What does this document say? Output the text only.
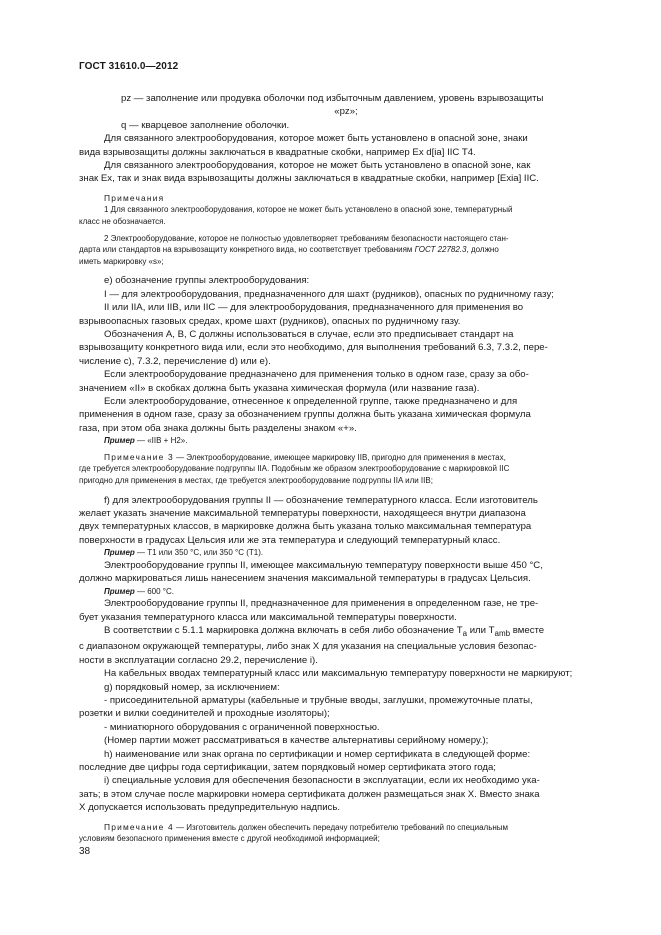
ГОСТ 31610.0—2012

pz — заполнение или продувка оболочки под избыточным давлением, уровень взрывозащиты

«pz»;

q — кварцевое заполнение оболочки.

Для связанного электрооборудования, которое может быть установлено в опасной зоне, знаки

вида взрывозащиты должны заключаться в квадратные скобки, например Ex d[ia] IIC T4.

Для связанного электрооборудования, которое не может быть установлено в опасной зоне, как

знак Ex, так и знак вида взрывозащиты должны заключаться в квадратные скобки, например [Exia] IIC.

Примечания

1 Для связанного электрооборудования, которое не может быть установлено в опасной зоне, температурный

класс не обозначается.

2 Электрооборудование, которое не полностью удовлетворяет требованиям безопасности настоящего стан-

дарта или стандартов на взрывозащиту конкретного вида, но соответствует требованиям ГОСТ 22782.3, должно

иметь маркировку «s»;

е) обозначение группы электрооборудования:

I — для электрооборудования, предназначенного для шахт (рудников), опасных по рудничному газу;

II или IIA, или IIB, или IIC — для электрооборудования, предназначенного для применения во

взрывоопасных газовых средах, кроме шахт (рудников), опасных по рудничному газу.

Обозначения A, B, C должны использоваться в случае, если это предписывает стандарт на

взрывозащиту конкретного вида или, если это необходимо, для выполнения требований 6.3, 7.3.2, пере-

числение c), 7.3.2, перечисление d) или e).

Если электрооборудование предназначено для применения только в одном газе, сразу за обо-

значением «II» в скобках должна быть указана химическая формула (или название газа).

Если электрооборудование, отнесенное к определенной группе, также предназначено и для

применения в одном газе, сразу за обозначением группы должна быть указана химическая формула

газа, при этом оба знака должны быть разделены знаком «+».

Пример — «IIB + H2».

Примечание 3 — Электрооборудование, имеющее маркировку IIB, пригодно для применения в местах,

где требуется электрооборудование подгруппы IIA. Подобным же образом электрооборудование с маркировкой IIC

пригодно для применения в местах, где требуется электрооборудование подгруппы IIA или IIB;

f) для электрооборудования группы II — обозначение температурного класса. Если изготовитель

желает указать значение максимальной температуры поверхности, находящееся внутри диапазона

двух температурных классов, в маркировке должна быть указана только максимальная температура

поверхности в градусах Цельсия или же эта температура и следующий температурный класс.

Пример — T1 или 350 °C, или 350 °C (T1).

Электрооборудование группы II, имеющее максимальную температуру поверхности выше 450 °С,

должно маркироваться лишь нанесением значения максимальной температуры в градусах Цельсия.

Пример — 600 °С.

Электрооборудование группы II, предназначенное для применения в определенном газе, не тре-

бует указания температурного класса или максимальной температуры поверхности.

В соответствии с 5.1.1 маркировка должна включать в себя либо обозначение $T_a$ или $T_{amb}$ вместе

с диапазоном окружающей температуры, либо знак X для указания на специальные условия безопас-

ности в эксплуатации согласно 29.2, перечисление i).

На кабельных вводах температурный класс или максимальную температуру поверхности не маркируют;

g) порядковый номер, за исключением:

- присоединительной арматуры (кабельные и трубные вводы, заглушки, промежуточные платы,

розетки и вилки соединителей и проходные изоляторы);

- миниатюрного оборудования с ограниченной поверхностью.

(Номер партии может рассматриваться в качестве альтернативы серийному номеру.);

h) наименование или знак органа по сертификации и номер сертификата в следующей форме:

последние две цифры года сертификации, затем порядковый номер сертификата этого года;

i) специальные условия для обеспечения безопасности в эксплуатации, если их необходимо ука-

зать; в этом случае после маркировки номера сертификата должен размещаться знак X. Вместо знака

X допускается использовать предупредительную надпись.

Примечание 4 — Изготовитель должен обеспечить передачу потребителю требований по специальным

условиям безопасного применения вместе с другой необходимой информацией;

38
